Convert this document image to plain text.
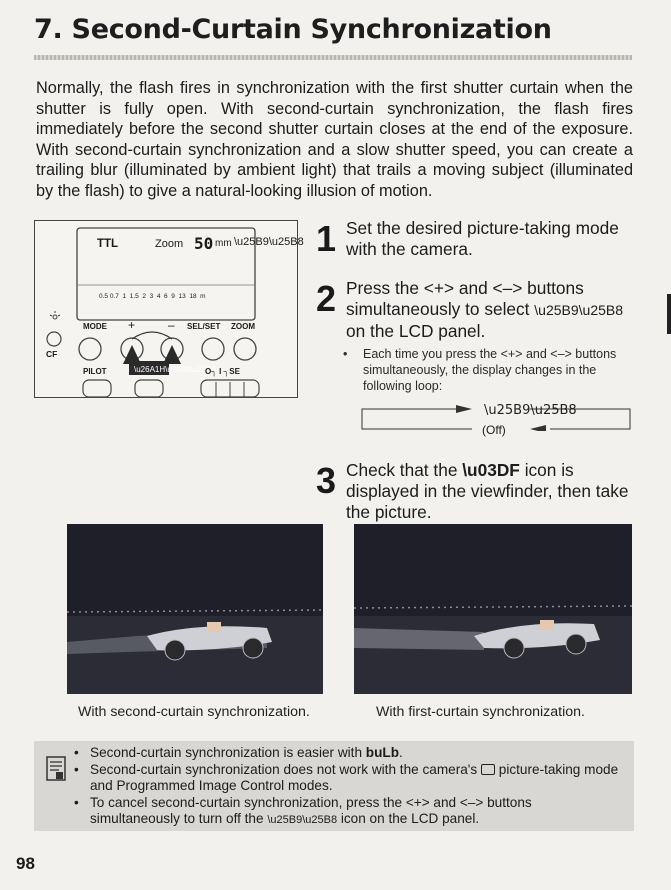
7. Second-Curtain Synchronization

Normally, the flash fires in synchronization with the first shutter curtain when the shutter is fully open. With second-curtain synchronization, the flash fires immediately before the second shutter curtain closes at the end of the exposure. With second-curtain synchronization and a slow shutter speed, you can create a trailing blur (illuminated by ambient light) that trails a moving subject (illuminated by the flash) to give a natural-looking illusion of motion.

\u26A1H\u25B8\u25B6
TTL	Zoom 50 mm \u25B9\u25B8
0.5 0.7  1  1.5  2  3  4  6  9  13  18  m
MODE +	– SEL/SET ZOOM
CF
PILOT	O┐ I ┐SE
1 Set the desired picture-taking mode with the camera.
2 Press the <+> and <–> buttons simultaneously to select \u25B9\u25B8 on the LCD panel.
• Each time you press the <+> and <–> buttons simultaneously, the display changes in the following loop:
\u25B9\u25B8
(Off)
3 Check that the \u03DF icon is displayed in the viewfinder, then take the picture.
With second-curtain synchronization.	With first-curtain synchronization.
• Second-curtain synchronization is easier with buLb.
• Second-curtain synchronization does not work with the camera's picture-taking mode and Programmed Image Control modes.
• To cancel second-curtain synchronization, press the <+> and <–> buttons simultaneously to turn off the \u25B9\u25B8 icon on the LCD panel.
98
